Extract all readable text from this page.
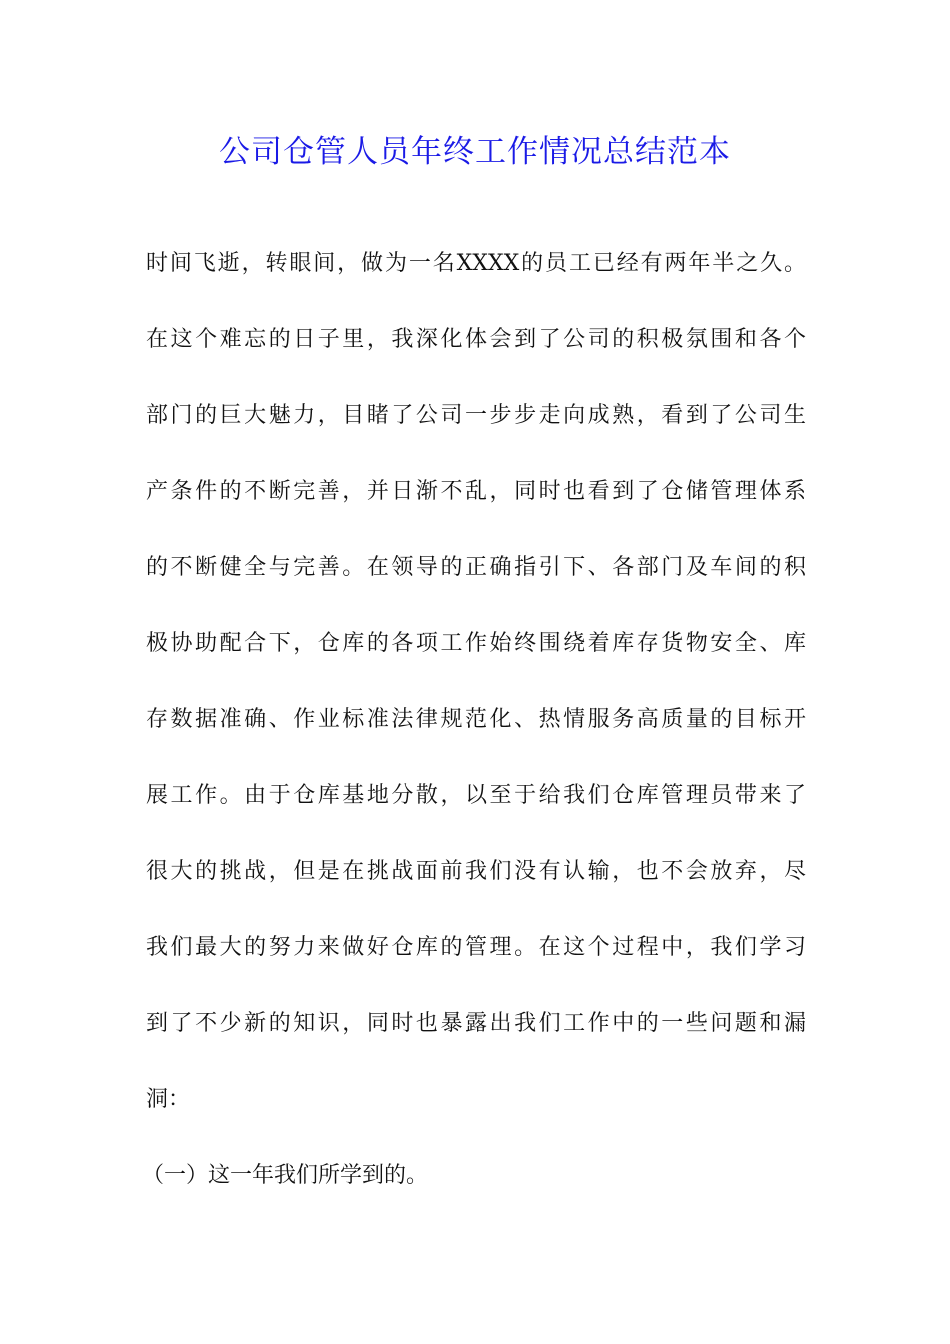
公司仓管人员年终工作情况总结范本
时间飞逝，转眼间，做为一名XXXX的员工已经有两年半之久。
在这个难忘的日子里，我深化体会到了公司的积极氛围和各个
部门的巨大魅力，目睹了公司一步步走向成熟，看到了公司生
产条件的不断完善，并日渐不乱，同时也看到了仓储管理体系
的不断健全与完善。在领导的正确指引下、各部门及车间的积
极协助配合下，仓库的各项工作始终围绕着库存货物安全、库
存数据准确、作业标准法律规范化、热情服务高质量的目标开
展工作。由于仓库基地分散，以至于给我们仓库管理员带来了
很大的挑战，但是在挑战面前我们没有认输，也不会放弃，尽
我们最大的努力来做好仓库的管理。在这个过程中，我们学习
到了不少新的知识，同时也暴露出我们工作中的一些问题和漏
洞：
（一）这一年我们所学到的。
